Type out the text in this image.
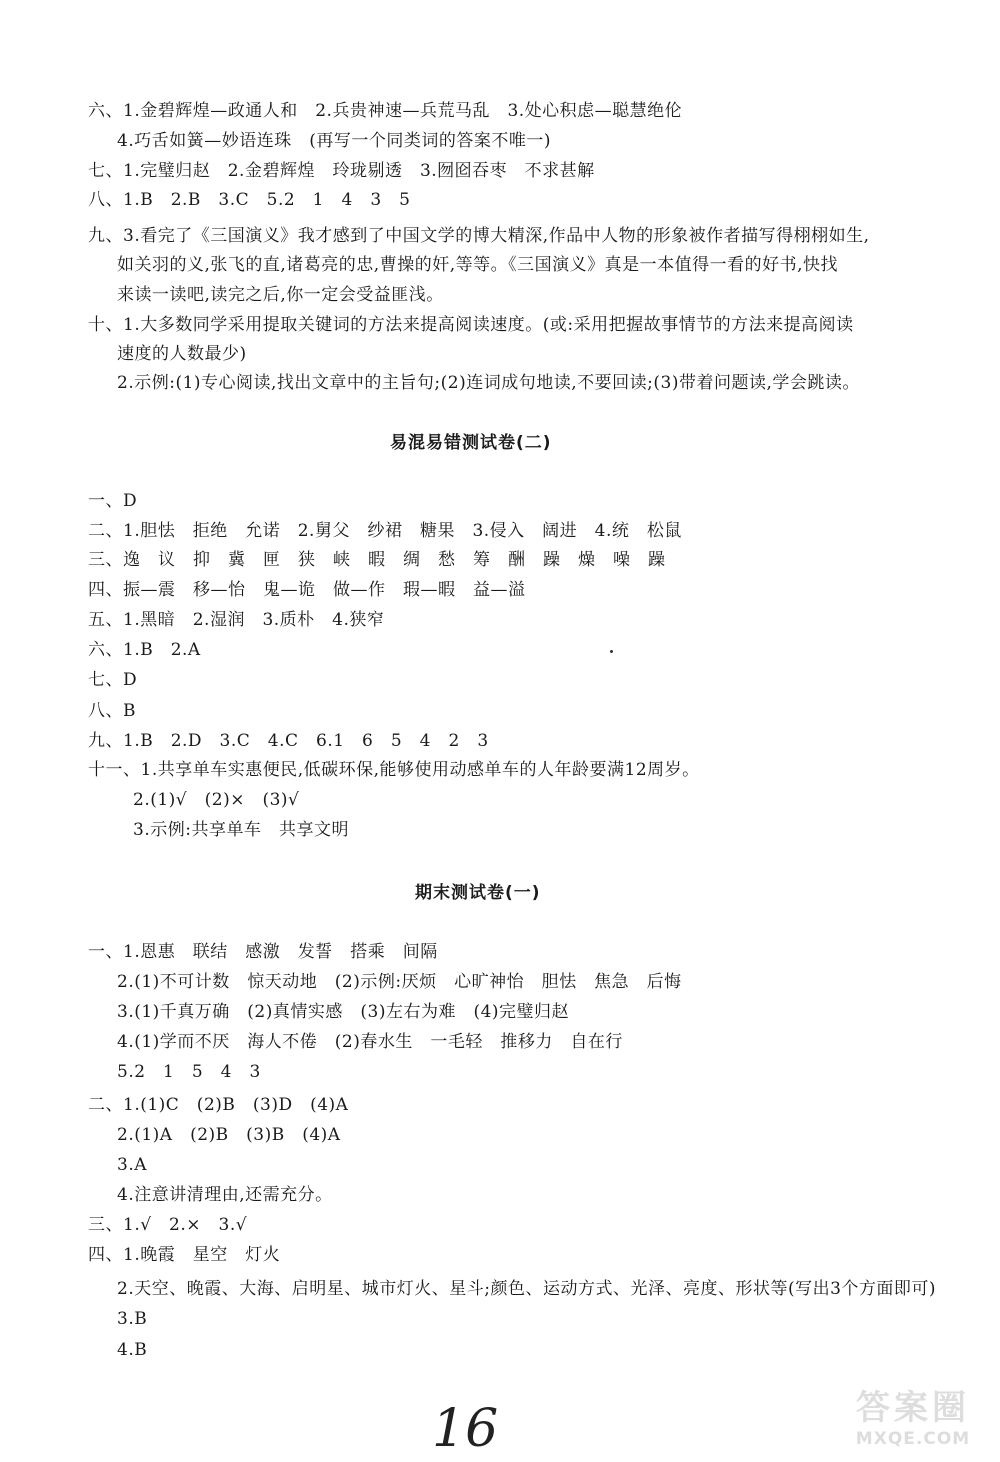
六、1.金碧辉煌—政通人和　2.兵贵神速—兵荒马乱　3.处心积虑—聪慧绝伦
4.巧舌如簧—妙语连珠　(再写一个同类词的答案不唯一)
七、1.完璧归赵　2.金碧辉煌　玲珑剔透　3.囫囵吞枣　不求甚解
八、1.B　2.B　3.C　5.2　1　4　3　5
九、3.看完了《三国演义》我才感到了中国文学的博大精深,作品中人物的形象被作者描写得栩栩如生,
如关羽的义,张飞的直,诸葛亮的忠,曹操的奸,等等。《三国演义》真是一本值得一看的好书,快找
来读一读吧,读完之后,你一定会受益匪浅。
十、1.大多数同学采用提取关键词的方法来提高阅读速度。(或:采用把握故事情节的方法来提高阅读
速度的人数最少)
2.示例:(1)专心阅读,找出文章中的主旨句;(2)连词成句地读,不要回读;(3)带着问题读,学会跳读。
易混易错测试卷(二)
一、D
二、1.胆怯　拒绝　允诺　2.舅父　纱裙　糖果　3.侵入　阔进　4.统　松鼠
三、逸　议　抑　冀　匣　狭　峡　暇　绸　愁　筹　酬　躁　燥　噪　躁
四、振—震　移—怡　鬼—诡　做—作　瑕—暇　益—溢
五、1.黑暗　2.湿润　3.质朴　4.狭窄
六、1.B　2.A
七、D
八、B
九、1.B　2.D　3.C　4.C　6.1　6　5　4　2　3
十一、1.共享单车实惠便民,低碳环保,能够使用动感单车的人年龄要满12周岁。
2.(1)√　(2)×　(3)√
3.示例:共享单车　共享文明
期末测试卷(一)
一、1.恩惠　联结　感激　发誓　搭乘　间隔
2.(1)不可计数　惊天动地　(2)示例:厌烦　心旷神怡　胆怯　焦急　后悔
3.(1)千真万确　(2)真情实感　(3)左右为难　(4)完璧归赵
4.(1)学而不厌　海人不倦　(2)春水生　一毛轻　推移力　自在行
5.2　1　5　4　3
二、1.(1)C　(2)B　(3)D　(4)A
2.(1)A　(2)B　(3)B　(4)A
3.A
4.注意讲清理由,还需充分。
三、1.√　2.×　3.√
四、1.晚霞　星空　灯火
2.天空、晚霞、大海、启明星、城市灯火、星斗;颜色、运动方式、光泽、亮度、形状等(写出3个方面即可)
3.B
4.B
16	答案圈
MXQE.COM
